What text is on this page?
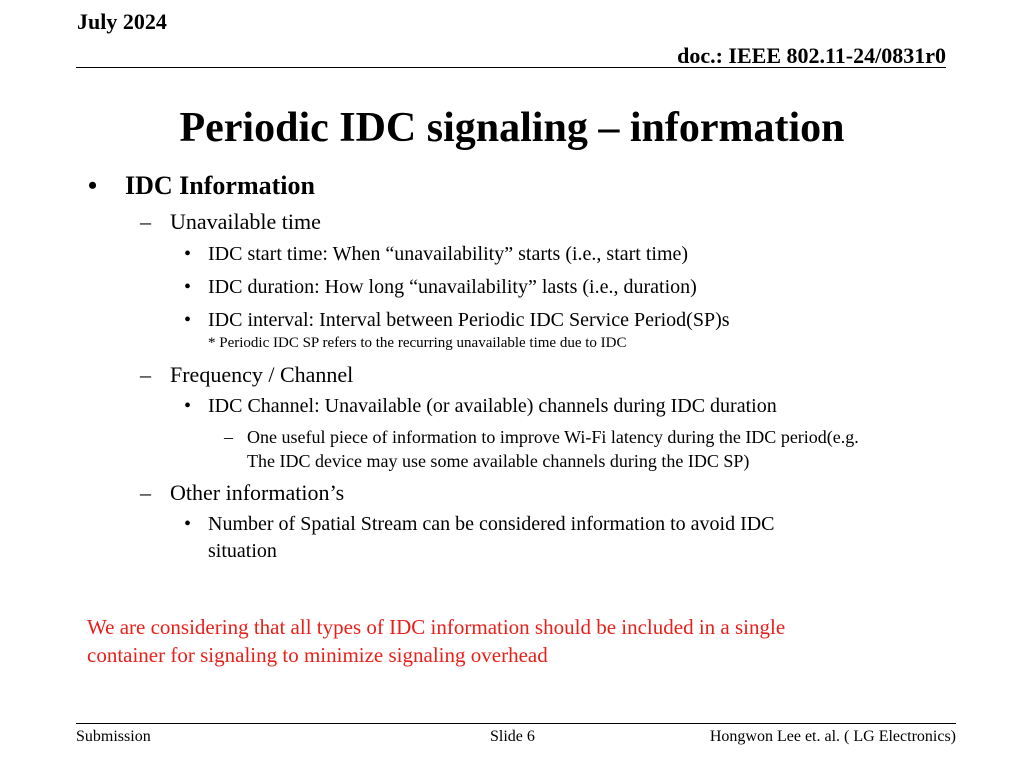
July 2024
doc.: IEEE 802.11-24/0831r0
Periodic IDC signaling – information
• IDC Information
– Unavailable time
• IDC start time: When “unavailability” starts (i.e., start time)
• IDC duration: How long “unavailability” lasts (i.e., duration)
• IDC interval: Interval between Periodic IDC Service Period(SP)s
* Periodic IDC SP refers to the recurring unavailable time due to IDC
– Frequency / Channel
• IDC Channel: Unavailable (or available) channels during IDC duration
– One useful piece of information to improve Wi-Fi latency during the IDC period(e.g.
The IDC device may use some available channels during the IDC SP)
– Other information’s
• Number of Spatial Stream can be considered information to avoid IDC
situation
We are considering that all types of IDC information should be included in a single
container for signaling to minimize signaling overhead
Submission	Slide 6	Hongwon Lee et. al. ( LG Electronics)
